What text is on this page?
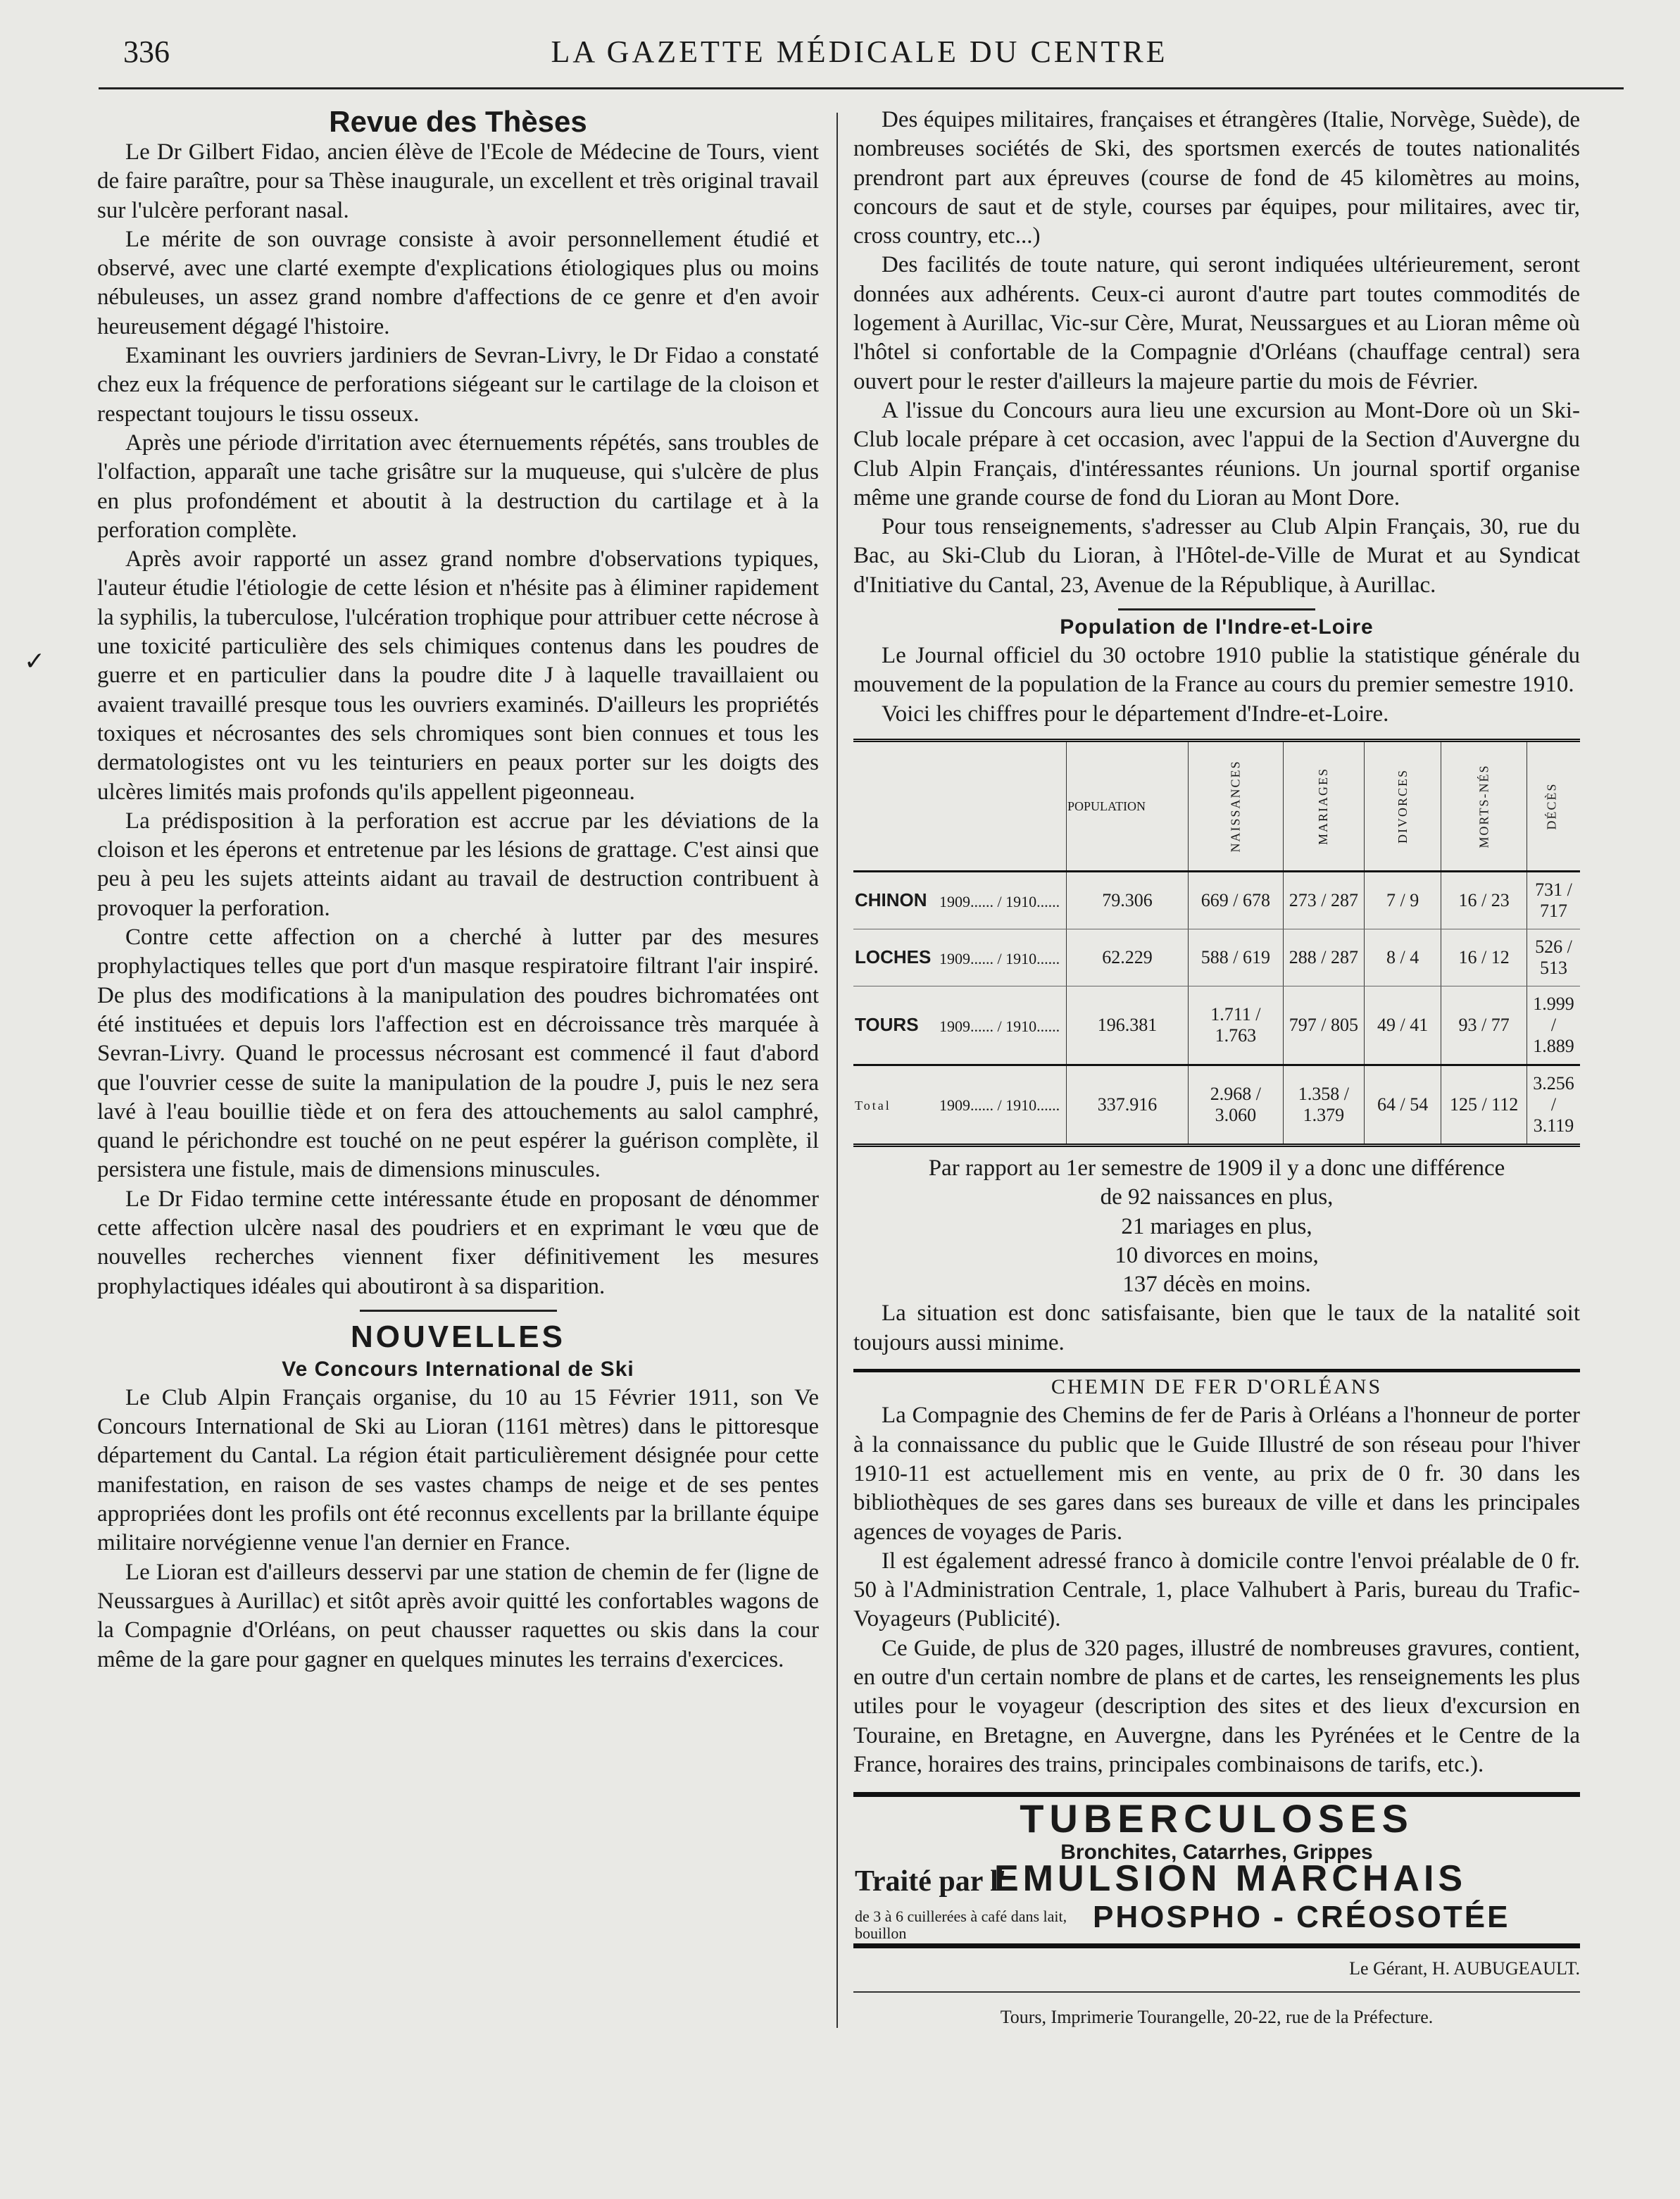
336	LA GAZETTE MÉDICALE DU CENTRE
✓
Revue des Thèses

Le Dr Gilbert Fidao, ancien élève de l'Ecole de Médecine de Tours, vient de faire paraître, pour sa Thèse inaugurale, un excellent et très original travail sur l'ulcère perforant nasal.

Le mérite de son ouvrage consiste à avoir personnellement étudié et observé, avec une clarté exempte d'explications étiologiques plus ou moins nébuleuses, un assez grand nombre d'affections de ce genre et d'en avoir heureusement dégagé l'histoire.

Examinant les ouvriers jardiniers de Sevran-Livry, le Dr Fidao a constaté chez eux la fréquence de perforations siégeant sur le cartilage de la cloison et respectant toujours le tissu osseux.

Après une période d'irritation avec éternuements répétés, sans troubles de l'olfaction, apparaît une tache grisâtre sur la muqueuse, qui s'ulcère de plus en plus profondément et aboutit à la destruction du cartilage et à la perforation complète.

Après avoir rapporté un assez grand nombre d'observations typiques, l'auteur étudie l'étiologie de cette lésion et n'hésite pas à éliminer rapidement la syphilis, la tuberculose, l'ulcération trophique pour attribuer cette nécrose à une toxicité particulière des sels chimiques contenus dans les poudres de guerre et en particulier dans la poudre dite J à laquelle travaillaient ou avaient travaillé presque tous les ouvriers examinés. D'ailleurs les propriétés toxiques et nécrosantes des sels chromiques sont bien connues et tous les dermatologistes ont vu les teinturiers en peaux porter sur les doigts des ulcères limités mais profonds qu'ils appellent pigeonneau.

La prédisposition à la perforation est accrue par les déviations de la cloison et les éperons et entretenue par les lésions de grattage. C'est ainsi que peu à peu les sujets atteints aidant au travail de destruction contribuent à provoquer la perforation.

Contre cette affection on a cherché à lutter par des mesures prophylactiques telles que port d'un masque respiratoire filtrant l'air inspiré. De plus des modifications à la manipulation des poudres bichromatées ont été instituées et depuis lors l'affection est en décroissance très marquée à Sevran-Livry. Quand le processus nécrosant est commencé il faut d'abord que l'ouvrier cesse de suite la manipulation de la poudre J, puis le nez sera lavé à l'eau bouillie tiède et on fera des attouchements au salol camphré, quand le périchondre est touché on ne peut espérer la guérison complète, il persistera une fistule, mais de dimensions minuscules.

Le Dr Fidao termine cette intéressante étude en proposant de dénommer cette affection ulcère nasal des poudriers et en exprimant le vœu que de nouvelles recherches viennent fixer définitivement les mesures prophylactiques idéales qui aboutiront à sa disparition.

NOUVELLES
Ve Concours International de Ski

Le Club Alpin Français organise, du 10 au 15 Février 1911, son Ve Concours International de Ski au Lioran (1161 mètres) dans le pittoresque département du Cantal. La région était particulièrement désignée pour cette manifestation, en raison de ses vastes champs de neige et de ses pentes appropriées dont les profils ont été reconnus excellents par la brillante équipe militaire norvégienne venue l'an dernier en France.

Le Lioran est d'ailleurs desservi par une station de chemin de fer (ligne de Neussargues à Aurillac) et sitôt après avoir quitté les confortables wagons de la Compagnie d'Orléans, on peut chausser raquettes ou skis dans la cour même de la gare pour gagner en quelques minutes les terrains d'exercices.

Des équipes militaires, françaises et étrangères (Italie, Norvège, Suède), de nombreuses sociétés de Ski, des sportsmen exercés de toutes nationalités prendront part aux épreuves (course de fond de 45 kilomètres au moins, concours de saut et de style, courses par équipes, pour militaires, avec tir, cross country, etc...)

Des facilités de toute nature, qui seront indiquées ultérieurement, seront données aux adhérents. Ceux-ci auront d'autre part toutes commodités de logement à Aurillac, Vic-sur Cère, Murat, Neussargues et au Lioran même où l'hôtel si confortable de la Compagnie d'Orléans (chauffage central) sera ouvert pour le rester d'ailleurs la majeure partie du mois de Février.

A l'issue du Concours aura lieu une excursion au Mont-Dore où un Ski-Club locale prépare à cet occasion, avec l'appui de la Section d'Auvergne du Club Alpin Français, d'intéressantes réunions. Un journal sportif organise même une grande course de fond du Lioran au Mont Dore.

Pour tous renseignements, s'adresser au Club Alpin Français, 30, rue du Bac, au Ski-Club du Lioran, à l'Hôtel-de-Ville de Murat et au Syndicat d'Initiative du Cantal, 23, Avenue de la République, à Aurillac.

Population de l'Indre-et-Loire

Le Journal officiel du 30 octobre 1910 publie la statistique générale du mouvement de la population de la France au cours du premier semestre 1910.

Voici les chiffres pour le département d'Indre-et-Loire.

	POPULATION	NAISSANCES	MARIAGES	DIVORCES	MORTS-NÉS	DÉCÈS
CHINON 1909...... / 1910......	79.306	669 / 678	273 / 287	7 / 9	16 / 23	731 / 717
LOCHES 1909...... / 1910......	62.229	588 / 619	288 / 287	8 / 4	16 / 12	526 / 513
TOURS 1909...... / 1910......	196.381	1.711 / 1.763	797 / 805	49 / 41	93 / 77	1.999 / 1.889
Total 1909...... / 1910......	337.916	2.968 / 3.060	1.358 / 1.379	64 / 54	125 / 112	3.256 / 3.119
Par rapport au 1er semestre de 1909 il y a donc une différence
de 92 naissances en plus,
21 mariages en plus,
10 divorces en moins,
137 décès en moins.

La situation est donc satisfaisante, bien que le taux de la natalité soit toujours aussi minime.

CHEMIN DE FER D'ORLÉANS

La Compagnie des Chemins de fer de Paris à Orléans a l'honneur de porter à la connaissance du public que le Guide Illustré de son réseau pour l'hiver 1910-11 est actuellement mis en vente, au prix de 0 fr. 30 dans les bibliothèques de ses gares dans ses bureaux de ville et dans les principales agences de voyages de Paris.

Il est également adressé franco à domicile contre l'envoi préalable de 0 fr. 50 à l'Administration Centrale, 1, place Valhubert à Paris, bureau du Trafic-Voyageurs (Publicité).

Ce Guide, de plus de 320 pages, illustré de nombreuses gravures, contient, en outre d'un certain nombre de plans et de cartes, les renseignements les plus utiles pour le voyageur (description des sites et des lieux d'excursion en Touraine, en Bretagne, en Auvergne, dans les Pyrénées et le Centre de la France, horaires des trains, principales combinaisons de tarifs, etc.).

TUBERCULOSES
Bronchites, Catarrhes, Grippes
Traité par l'
EMULSION MARCHAIS
de 3 à 6 cuillerées à café dans lait, bouillon	PHOSPHO - CRÉOSOTÉE
Le Gérant, H. AUBUGEAULT.
Tours, Imprimerie Tourangelle, 20-22, rue de la Préfecture.
